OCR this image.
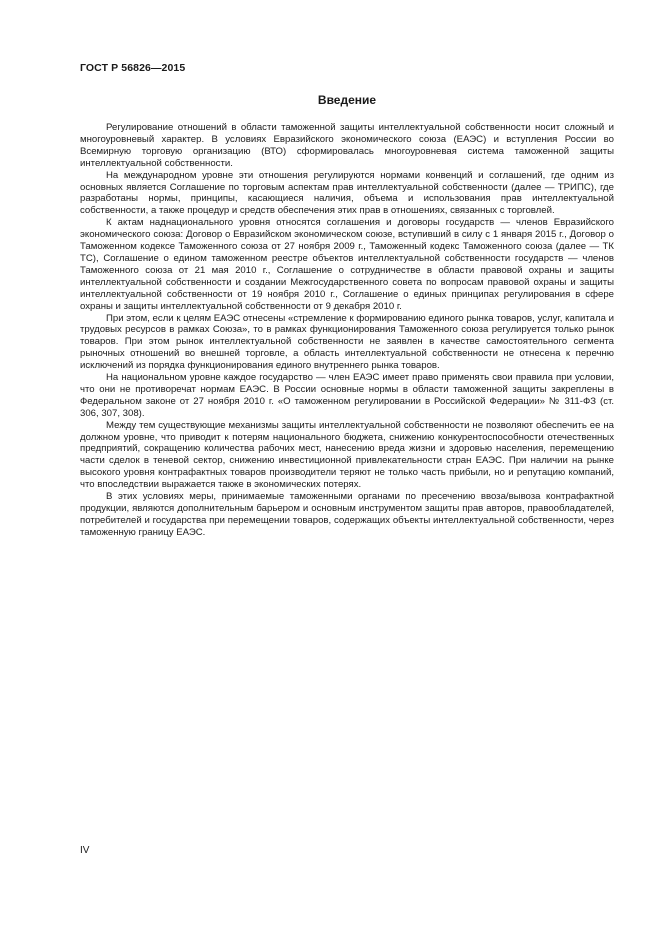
ГОСТ Р 56826—2015
Введение

Регулирование отношений в области таможенной защиты интеллектуальной собственности носит сложный и многоуровневый характер. В условиях Евразийского экономического союза (ЕАЭС) и вступления России во Всемирную торговую организацию (ВТО) сформировалась многоуровневая система таможенной защиты интеллектуальной собственности.

На международном уровне эти отношения регулируются нормами конвенций и соглашений, где одним из основных является Соглашение по торговым аспектам прав интеллектуальной собственности (далее — ТРИПС), где разработаны нормы, принципы, касающиеся наличия, объема и использования прав интеллектуальной собственности, а также процедур и средств обеспечения этих прав в отношениях, связанных с торговлей.

К актам наднационального уровня относятся соглашения и договоры государств — членов Евразийского экономического союза: Договор о Евразийском экономическом союзе, вступивший в силу с 1 января 2015 г., Договор о Таможенном кодексе Таможенного союза от 27 ноября 2009 г., Таможенный кодекс Таможенного союза (далее — ТК ТС), Соглашение о едином таможенном реестре объектов интеллектуальной собственности государств — членов Таможенного союза от 21 мая 2010 г., Соглашение о сотрудничестве в области правовой охраны и защиты интеллектуальной собственности и создании Межгосударственного совета по вопросам правовой охраны и защиты интеллектуальной собственности от 19 ноября 2010 г., Соглашение о единых принципах регулирования в сфере охраны и защиты интеллектуальной собственности от 9 декабря 2010 г.

При этом, если к целям ЕАЭС отнесены «стремление к формированию единого рынка товаров, услуг, капитала и трудовых ресурсов в рамках Союза», то в рамках функционирования Таможенного союза регулируется только рынок товаров. При этом рынок интеллектуальной собственности не заявлен в качестве самостоятельного сегмента рыночных отношений во внешней торговле, а область интеллектуальной собственности не отнесена к перечню исключений из порядка функционирования единого внутреннего рынка товаров.

На национальном уровне каждое государство — член ЕАЭС имеет право применять свои правила при условии, что они не противоречат нормам ЕАЭС. В России основные нормы в области таможенной защиты закреплены в Федеральном законе от 27 ноября 2010 г. «О таможенном регулировании в Российской Федерации» № 311-ФЗ (ст. 306, 307, 308).

Между тем существующие механизмы защиты интеллектуальной собственности не позволяют обеспечить ее на должном уровне, что приводит к потерям национального бюджета, снижению конкурентоспособности отечественных предприятий, сокращению количества рабочих мест, нанесению вреда жизни и здоровью населения, перемещению части сделок в теневой сектор, снижению инвестиционной привлекательности стран ЕАЭС. При наличии на рынке высокого уровня контрафактных товаров производители теряют не только часть прибыли, но и репутацию компаний, что впоследствии выражается также в экономических потерях.

В этих условиях меры, принимаемые таможенными органами по пресечению ввоза/вывоза контрафактной продукции, являются дополнительным барьером и основным инструментом защиты прав авторов, правообладателей, потребителей и государства при перемещении товаров, содержащих объекты интеллектуальной собственности, через таможенную границу ЕАЭС.

IV
